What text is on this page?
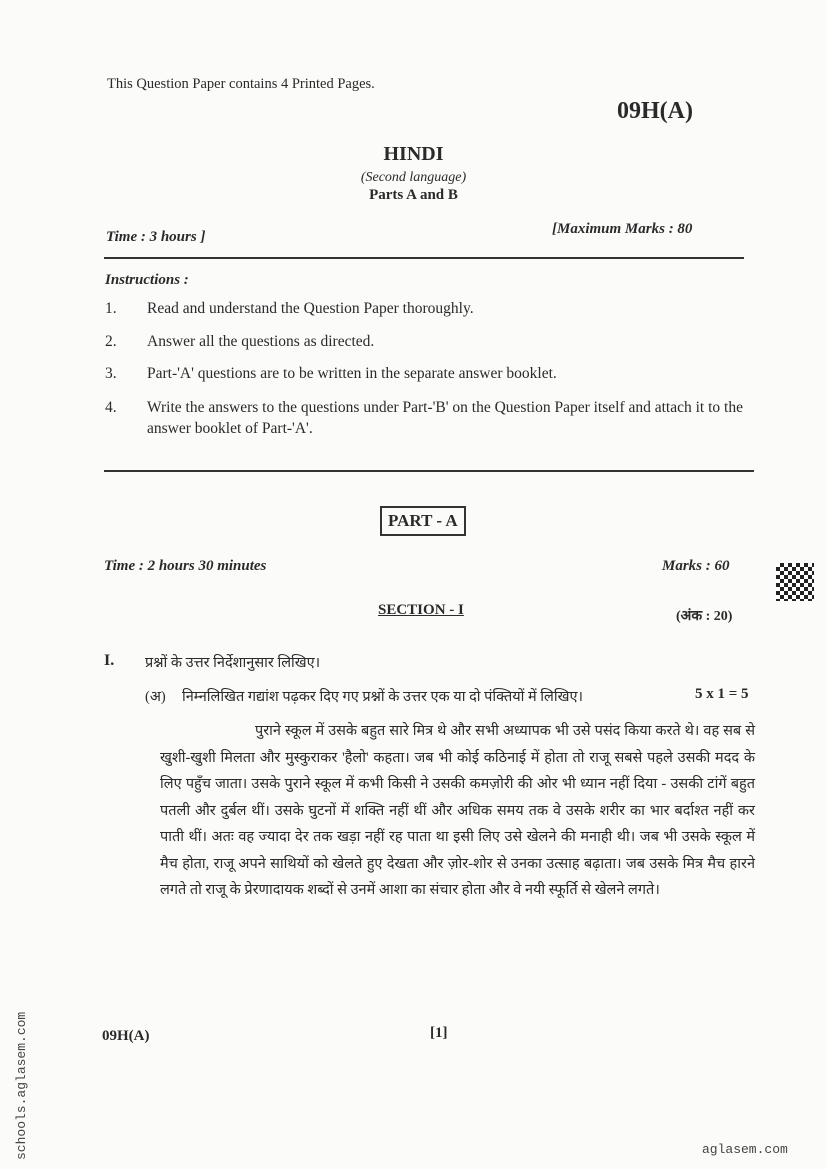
This Question Paper contains 4 Printed Pages.
09H(A)
HINDI
(Second language)
Parts A and B
Time : 3 hours ]	[Maximum Marks : 80
Instructions :
1. Read and understand the Question Paper thoroughly.
2. Answer all the questions as directed.
3. Part-'A' questions are to be written in the separate answer booklet.
4.	Write the answers to the questions under Part-'B' on the Question Paper itself and attach it to the answer booklet of Part-'A'.
PART - A
Time : 2 hours 30 minutes	Marks : 60
SECTION - I	(अंक : 20)
I. प्रश्नों के उत्तर निर्देशानुसार लिखिए।
(अ) निम्नलिखित गद्यांश पढ़कर दिए गए प्रश्नों के उत्तर एक या दो पंक्तियों में लिखिए।	5 x 1 = 5
पुराने स्कूल में उसके बहुत सारे मित्र थे और सभी अध्यापक भी उसे पसंद किया करते थे। वह सब से खुशी-खुशी मिलता और मुस्कुराकर 'हैलो' कहता। जब भी कोई कठिनाई में होता तो राजू सबसे पहले उसकी मदद के लिए पहुँच जाता। उसके पुराने स्कूल में कभी किसी ने उसकी कमज़ोरी की ओर भी ध्यान नहीं दिया - उसकी टांगें बहुत पतली और दुर्बल थीं। उसके घुटनों में शक्ति नहीं थीं और अधिक समय तक वे उसके शरीर का भार बर्दाश्त नहीं कर पाती थीं। अतः वह ज्यादा देर तक खड़ा नहीं रह पाता था इसी लिए उसे खेलने की मनाही थी। जब भी उसके स्कूल में मैच होता, राजू अपने साथियों को खेलते हुए देखता और ज़ोर-शोर से उनका उत्साह बढ़ाता। जब उसके मित्र मैच हारने लगते तो राजू के प्रेरणादायक शब्दों से उनमें आशा का संचार होता और वे नयी स्फूर्ति से खेलने लगते।
09H(A)	[1]
schools.aglasem.com	aglasem.com
